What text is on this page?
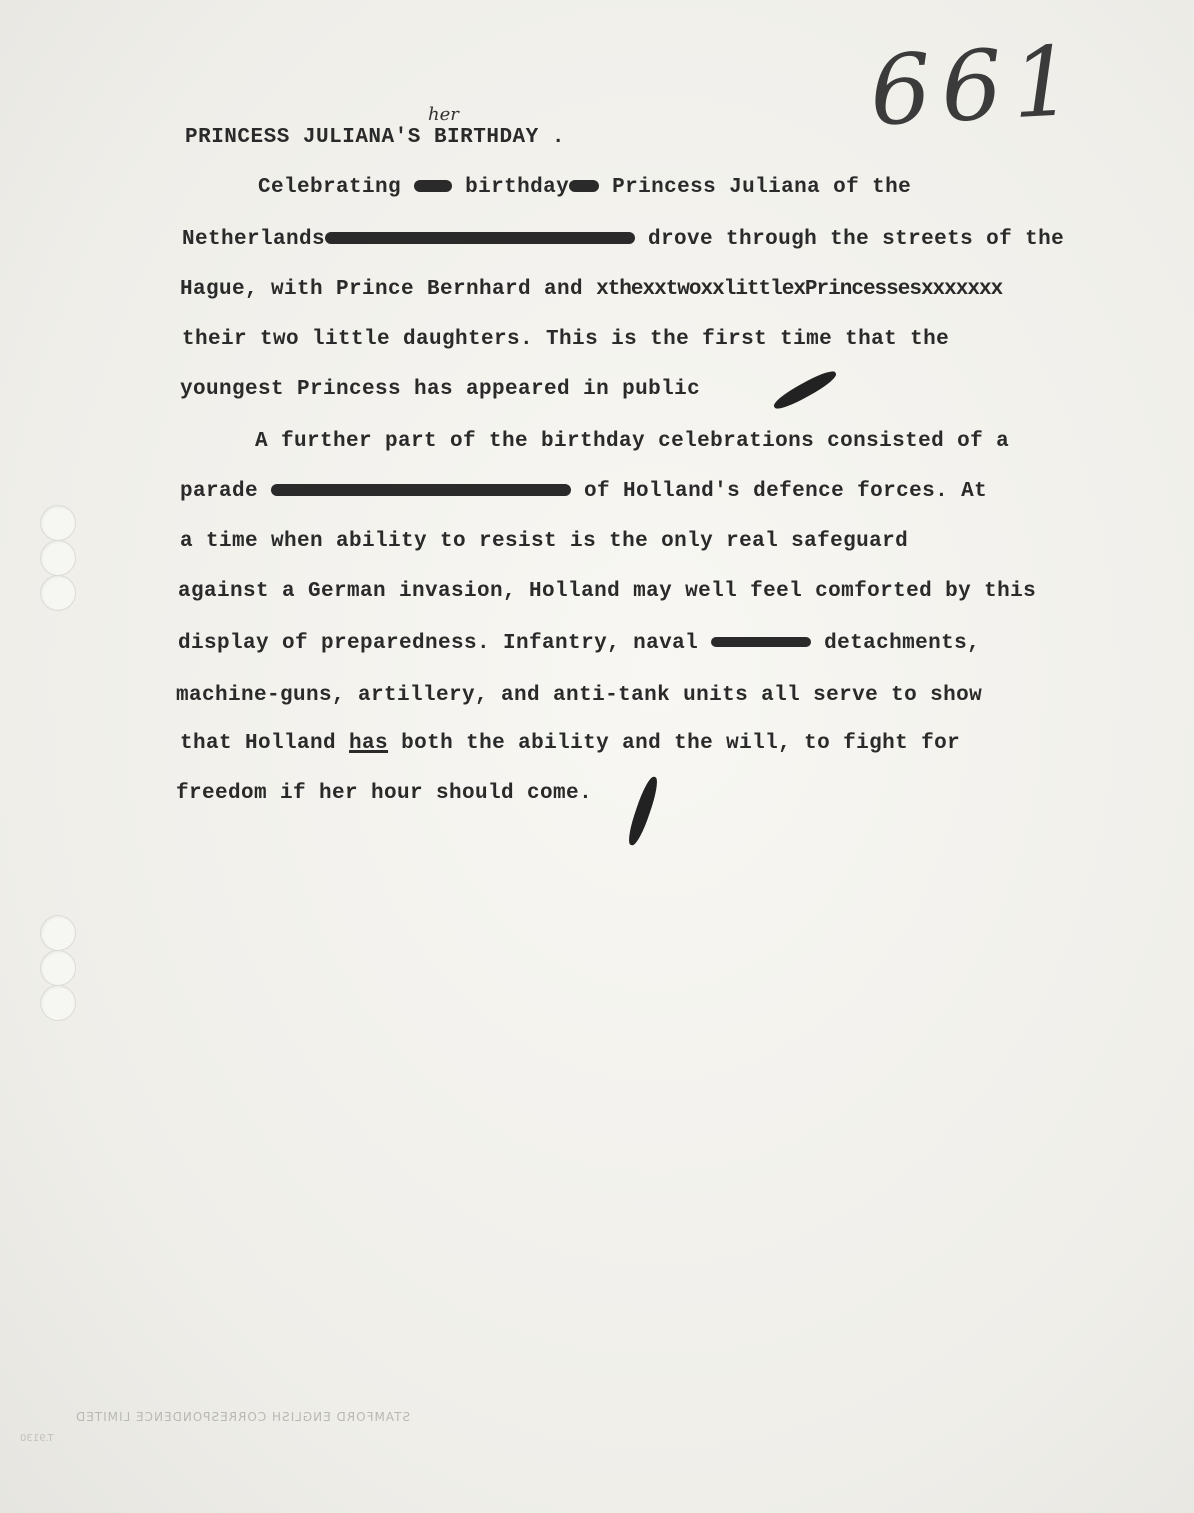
661
her
PRINCESS JULIANA'S BIRTHDAY .
Celebrating	birthday Princess Juliana of the
Netherlands	drove through the streets of the
Hague, with Prince Bernhard and xthexxtwoxxlittlexPrincessesxxxxxxx
their two little daughters. This is the first time that the
youngest Princess has appeared in public
A further part of the birthday celebrations consisted of a
parade	of Holland's defence forces. At
a time when ability to resist is the only real safeguard
against a German invasion, Holland may well feel comforted by this
display of preparedness. Infantry, naval	detachments,
machine-guns, artillery, and anti-tank units all serve to show
that Holland has both the ability and the will, to fight for
freedom if her hour should come.
STAMFORD ENGLISH CORRESPONDENCE LIMITED
T.9130
